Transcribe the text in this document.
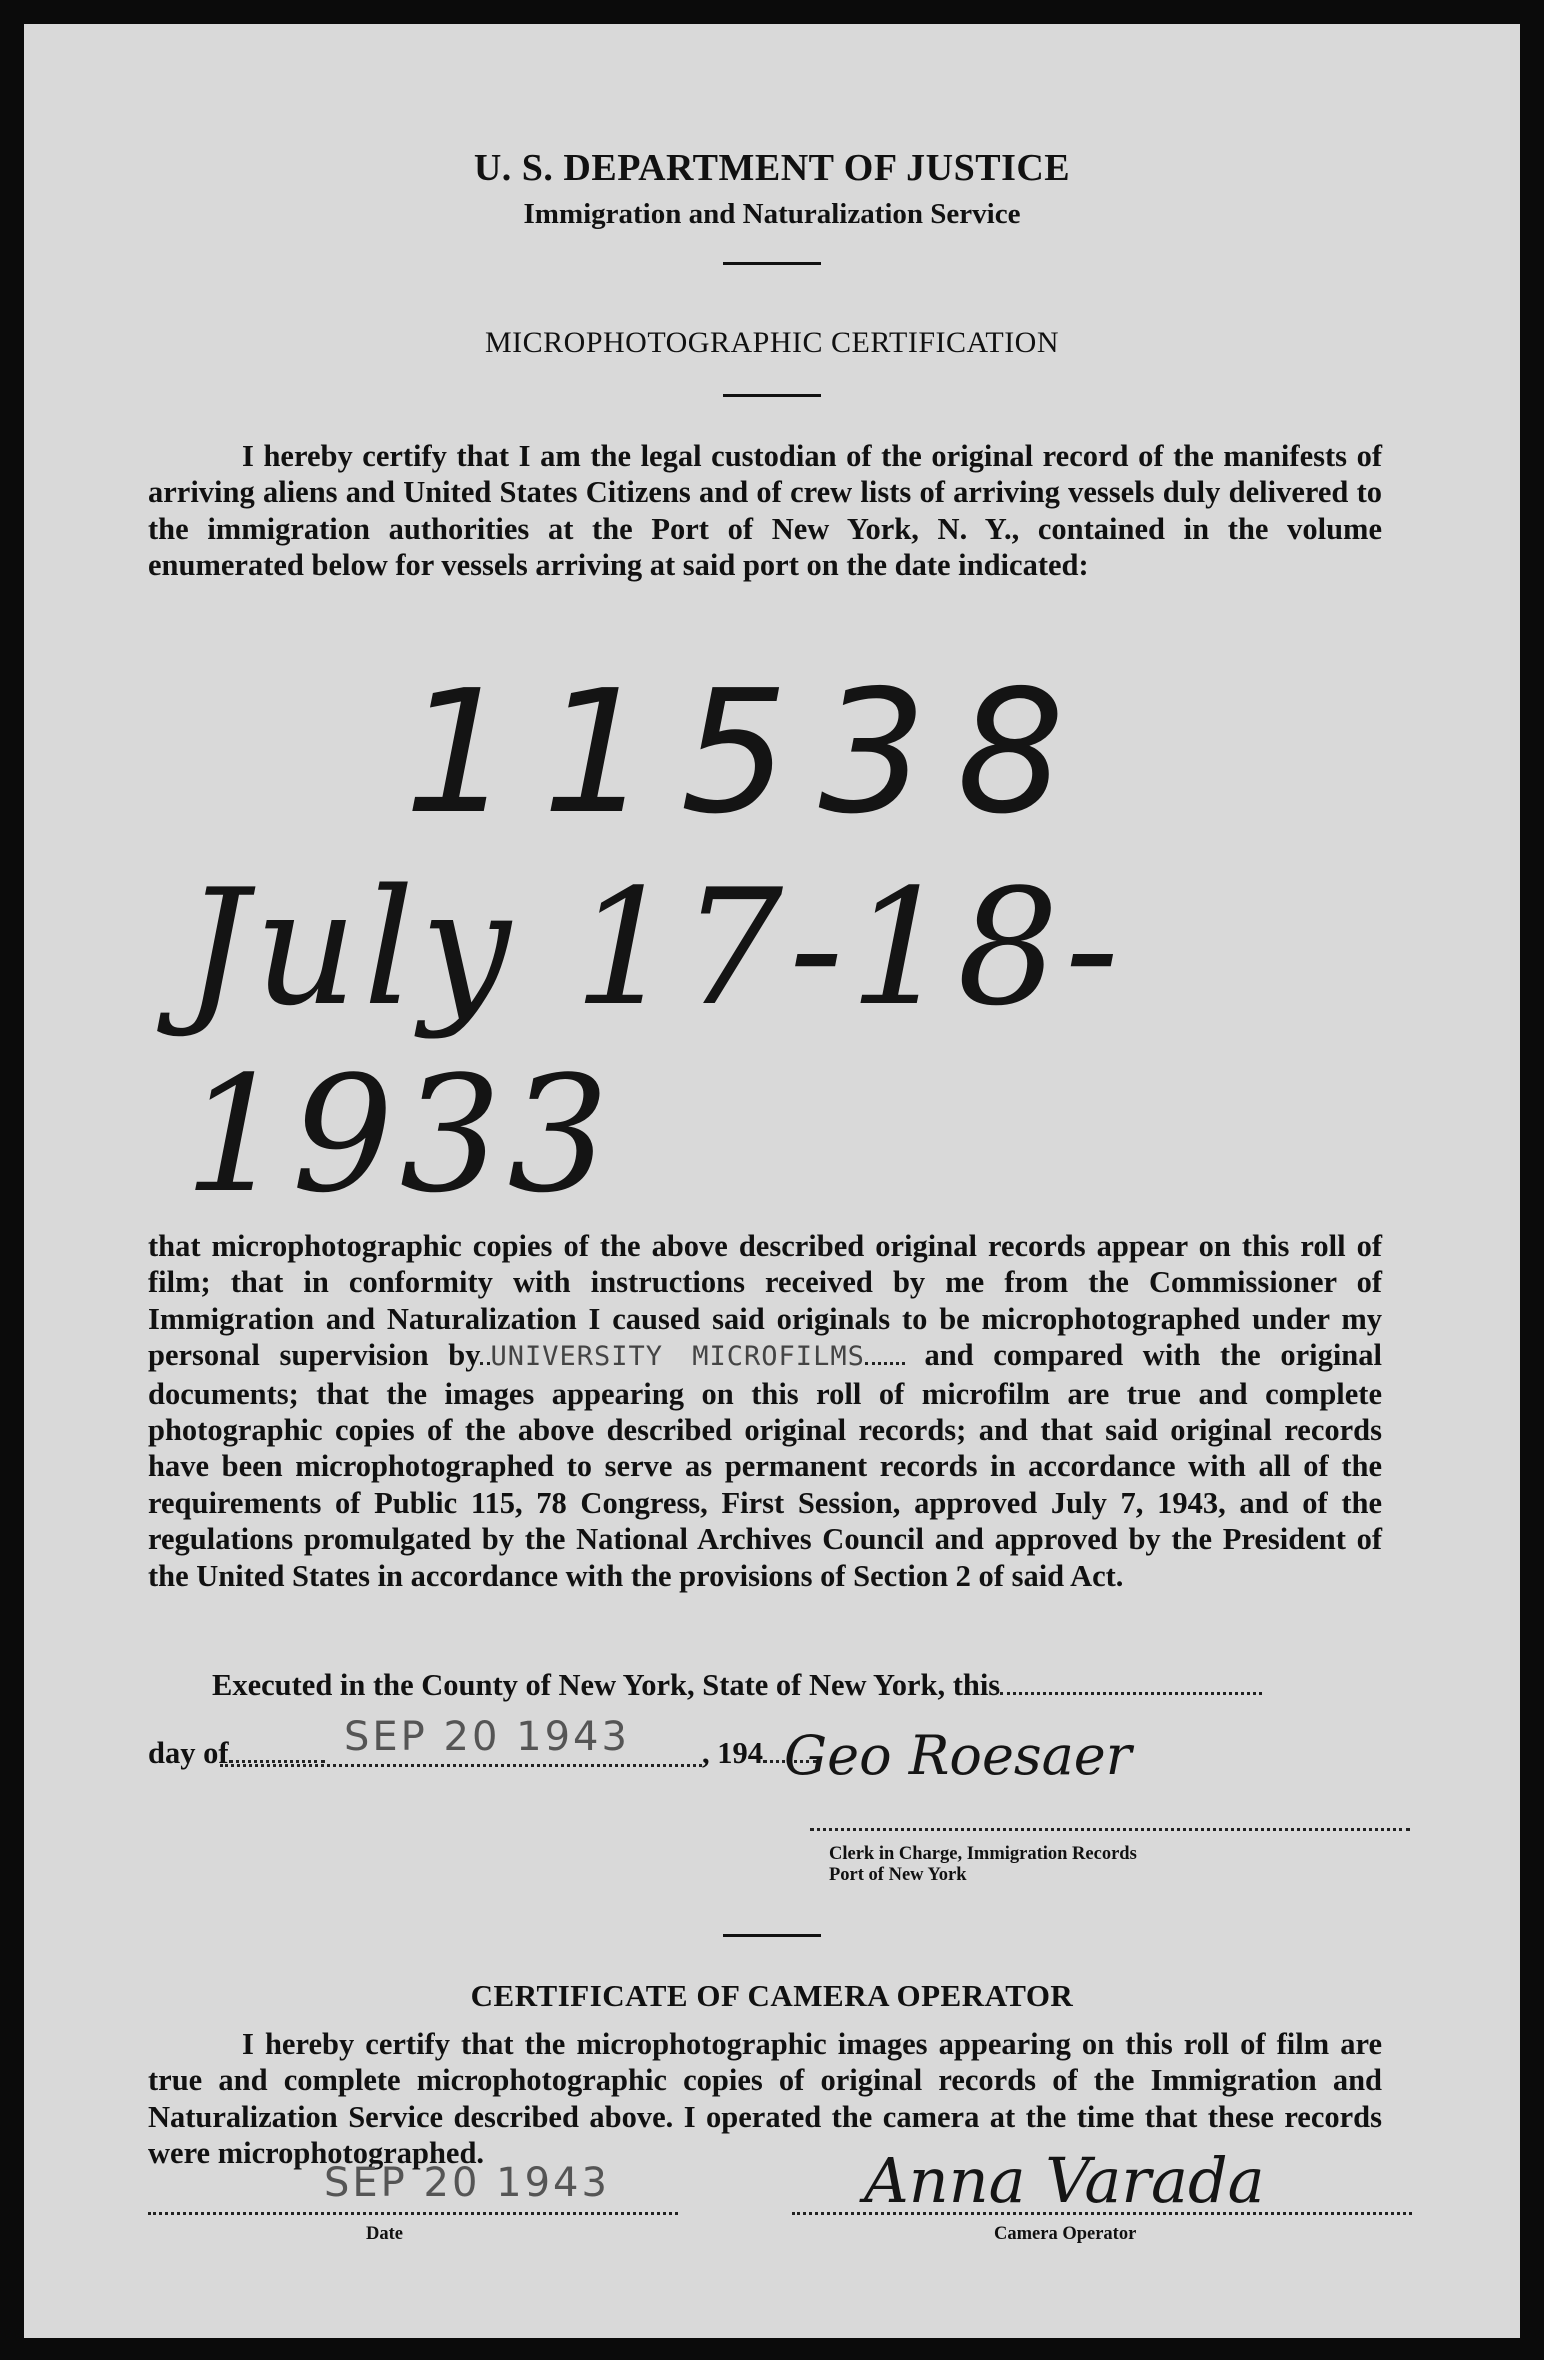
U. S. DEPARTMENT OF JUSTICE
Immigration and Naturalization Service
MICROPHOTOGRAPHIC CERTIFICATION

I hereby certify that I am the legal custodian of the original record of the manifests of arriving aliens and United States Citizens and of crew lists of arriving vessels duly delivered to the immigration authorities at the Port of New York, N. Y., contained in the volume enumerated below for vessels arriving at said port on the date indicated:

11538
July 17-18-1933

that microphotographic copies of the above described original records appear on this roll of film; that in conformity with instructions received by me from the Commissioner of Immigration and Naturalization I caused said originals to be microphotographed under my personal supervision by UNIVERSITY MICROFILMS and compared with the original documents; that the images appearing on this roll of microfilm are true and complete photographic copies of the above described original records; and that said original records have been microphotographed to serve as permanent records in accordance with all of the requirements of Public 115, 78 Congress, First Session, approved July 7, 1943, and of the regulations promulgated by the National Archives Council and approved by the President of the United States in accordance with the provisions of Section 2 of said Act.

Executed in the County of New York, State of New York, this

day of	SEP 20 1943 , 194 Geo Roesaer
Clerk in Charge, Immigration Records
Port of New York
CERTIFICATE OF CAMERA OPERATOR

I hereby certify that the microphotographic images appearing on this roll of film are true and complete microphotographic copies of original records of the Immigration and Naturalization Service described above. I operated the camera at the time that these records were microphotographed.

SEP 20 1943
Date
Anna Varada
Camera Operator
